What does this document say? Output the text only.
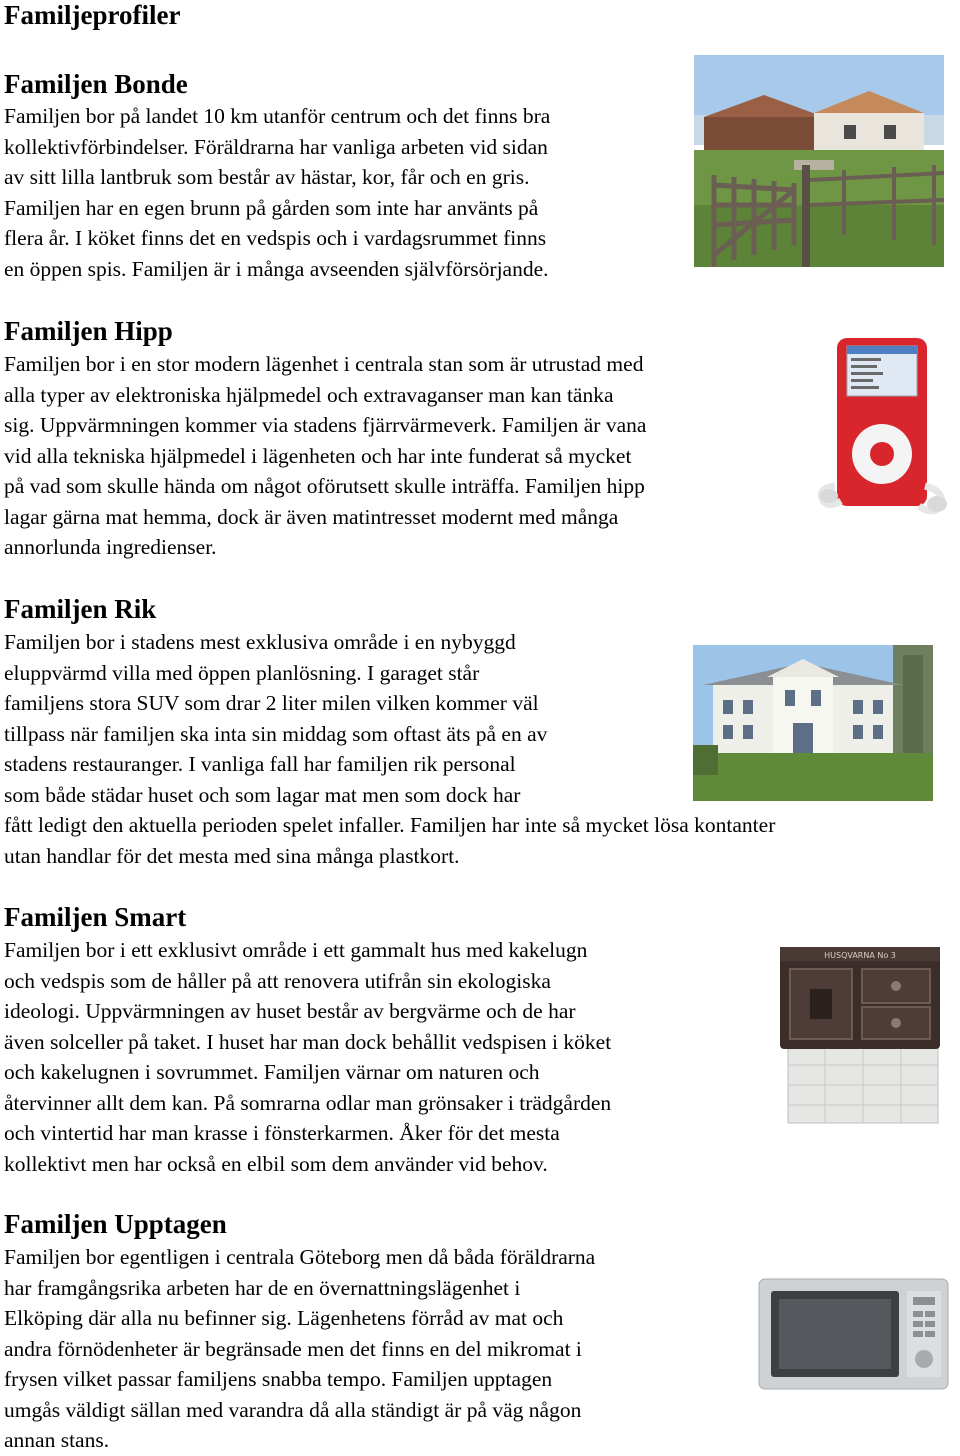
Familjeprofiler
Familjen Bonde
Familjen bor på landet 10 km utanför centrum och det finns bra
kollektivförbindelser. Föräldrarna har vanliga arbeten vid sidan
av sitt lilla lantbruk som består av hästar, kor, får och en gris.
Familjen har en egen brunn på gården som inte har använts på
flera år. I köket finns det en vedspis och i vardagsrummet finns
en öppen spis. Familjen är i många avseenden självförsörjande.
Familjen Hipp
Familjen bor i en stor modern lägenhet i centrala stan som är utrustad med
alla typer av elektroniska hjälpmedel och extravaganser man kan tänka
sig. Uppvärmningen kommer via stadens fjärrvärmeverk. Familjen är vana
vid alla tekniska hjälpmedel i lägenheten och har inte funderat så mycket
på vad som skulle hända om något oförutsett skulle inträffa. Familjen hipp
lagar gärna mat hemma, dock är även matintresset modernt med många
annorlunda ingredienser.
Familjen Rik
Familjen bor i stadens mest exklusiva område i en nybyggd
eluppvärmd villa med öppen planlösning. I garaget står
familjens stora SUV som drar 2 liter milen vilken kommer väl
tillpass när familjen ska inta sin middag som oftast äts på en av
stadens restauranger. I vanliga fall har familjen rik personal
som både städar huset och som lagar mat men som dock har
fått ledigt den aktuella perioden spelet infaller. Familjen har inte så mycket lösa kontanter
utan handlar för det mesta med sina många plastkort.
Familjen Smart
Familjen bor i ett exklusivt område i ett gammalt hus med kakelugn
och vedspis som de håller på att renovera utifrån sin ekologiska
ideologi. Uppvärmningen av huset består av bergvärme och de har
även solceller på taket. I huset har man dock behållit vedspisen i köket
och kakelugnen i sovrummet. Familjen värnar om naturen och
återvinner allt dem kan. På somrarna odlar man grönsaker i trädgården
och vintertid har man krasse i fönsterkarmen. Åker för det mesta
kollektivt men har också en elbil som dem använder vid behov.
HUSQVARNA No 3
Familjen Upptagen
Familjen bor egentligen i centrala Göteborg men då båda föräldrarna
har framgångsrika arbeten har de en övernattningslägenhet i
Elköping där alla nu befinner sig. Lägenhetens förråd av mat och
andra förnödenheter är begränsade men det finns en del mikromat i
frysen vilket passar familjens snabba tempo. Familjen upptagen
umgås väldigt sällan med varandra då alla ständigt är på väg någon
annan stans.
